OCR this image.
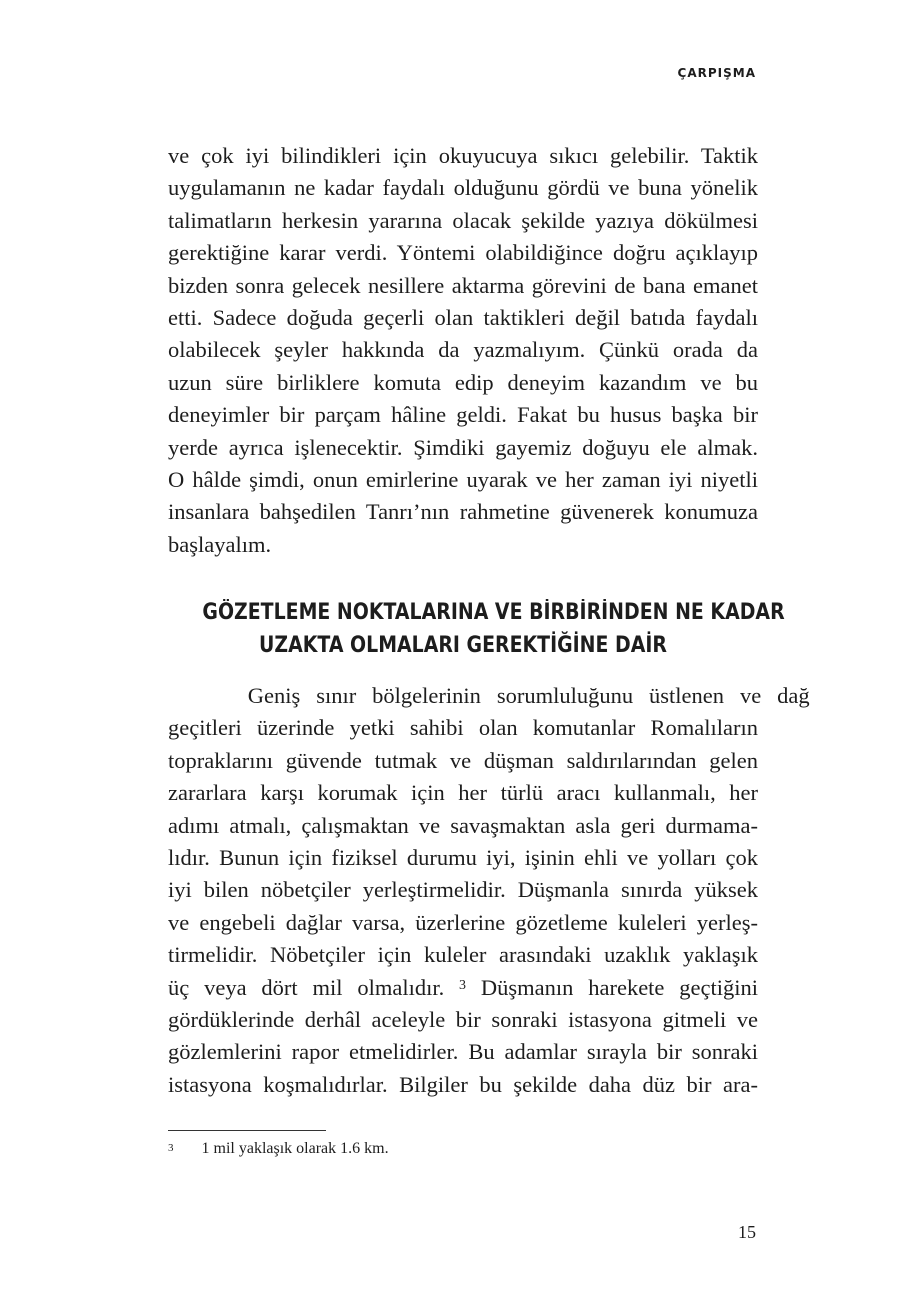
ÇARPIŞMA
ve çok iyi bilindikleri için okuyucuya sıkıcı gelebilir. Taktik
uygulamanın ne kadar faydalı olduğunu gördü ve buna yönelik
talimatların herkesin yararına olacak şekilde yazıya dökülmesi
gerektiğine karar verdi. Yöntemi olabildiğince doğru açıklayıp
bizden sonra gelecek nesillere aktarma görevini de bana emanet
etti. Sadece doğuda geçerli olan taktikleri değil batıda faydalı
olabilecek şeyler hakkında da yazmalıyım. Çünkü orada da
uzun süre birliklere komuta edip deneyim kazandım ve bu
deneyimler bir parçam hâline geldi. Fakat bu husus başka bir
yerde ayrıca işlenecektir. Şimdiki gayemiz doğuyu ele almak.
O hâlde şimdi, onun emirlerine uyarak ve her zaman iyi niyetli
insanlara bahşedilen Tanrı’nın rahmetine güvenerek konumuza
başlayalım.
GÖZETLEME NOKTALARINA VE BİRBİRİNDEN NE KADAR
UZAKTA OLMALARI GEREKTİĞİNE DAİR
Geniş sınır bölgelerinin sorumluluğunu üstlenen ve dağ
geçitleri üzerinde yetki sahibi olan komutanlar Romalıların
topraklarını güvende tutmak ve düşman saldırılarından gelen
zararlara karşı korumak için her türlü aracı kullanmalı, her
adımı atmalı, çalışmaktan ve savaşmaktan asla geri durmama-
lıdır. Bunun için fiziksel durumu iyi, işinin ehli ve yolları çok
iyi bilen nöbetçiler yerleştirmelidir. Düşmanla sınırda yüksek
ve engebeli dağlar varsa, üzerlerine gözetleme kuleleri yerleş-
tirmelidir. Nöbetçiler için kuleler arasındaki uzaklık yaklaşık
üç veya dört mil olmalıdır. $^3$ Düşmanın harekete geçtiğini
gördüklerinde derhâl aceleyle bir sonraki istasyona gitmeli ve
gözlemlerini rapor etmelidirler. Bu adamlar sırayla bir sonraki
istasyona koşmalıdırlar. Bilgiler bu şekilde daha düz bir ara-
$^3$ 1 mil yaklaşık olarak 1.6 km.
15
